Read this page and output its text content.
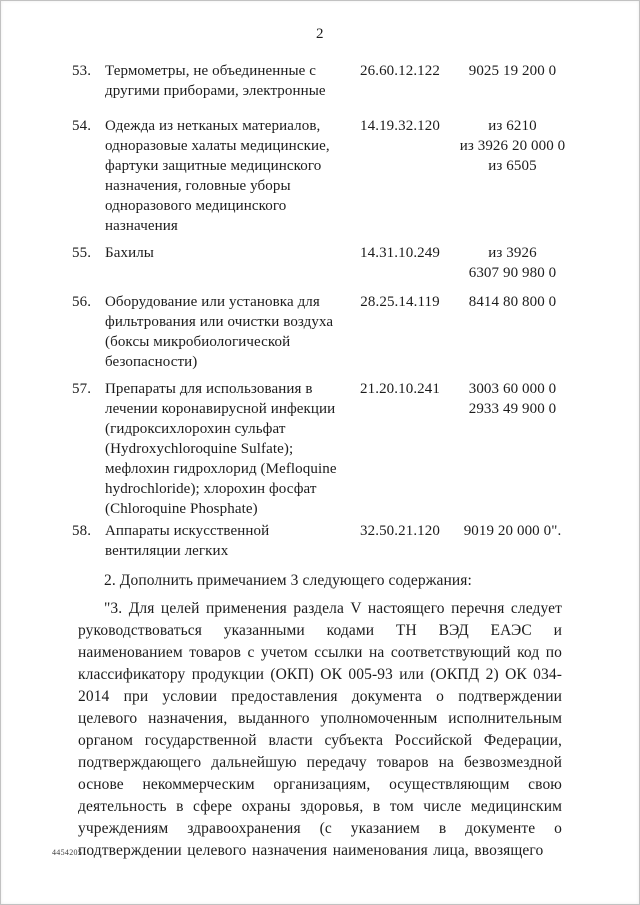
2
53. Термометры, не объединенные с другими приборами, электронные
26.60.12.122	9025 19 200 0
54. Одежда из нетканых материалов, одноразовые халаты медицинские, фартуки защитные медицинского назначения, головные уборы одноразового медицинского назначения
14.19.32.120	из 6210
из 3926 20 000 0
из 6505
55. Бахилы	14.31.10.249	из 3926
6307 90 980 0
56. Оборудование или установка для фильтрования или очистки воздуха (боксы микробиологической безопасности)
28.25.14.119	8414 80 800 0
57. Препараты для использования в лечении коронавирусной инфекции (гидроксихлорохин сульфат (Hydroxychloroquine Sulfate); мефлохин гидрохлорид (Mefloquine hydrochloride); хлорохин фосфат (Chloroquine Phosphate)
21.20.10.241	3003 60 000 0
2933 49 900 0
58. Аппараты искусственной вентиляции легких
32.50.21.120	9019 20 000 0".

2. Дополнить примечанием 3 следующего содержания:

"3. Для целей применения раздела V настоящего перечня следует руководствоваться указанными кодами ТН ВЭД ЕАЭС и наименованием товаров с учетом ссылки на соответствующий код по классификатору продукции (ОКП) ОК 005-93 или (ОКПД 2) ОК 034-2014 при условии предоставления документа о подтверждении целевого назначения, выданного уполномоченным исполнительным органом государственной власти субъекта Российской Федерации, подтверждающего дальнейшую передачу товаров на безвозмездной основе некоммерческим организациям, осуществляющим свою деятельность в сфере охраны здоровья, в том числе медицинским учреждениям здравоохранения (с указанием в документе о подтверждении целевого назначения наименования лица, ввозящего

4454205
